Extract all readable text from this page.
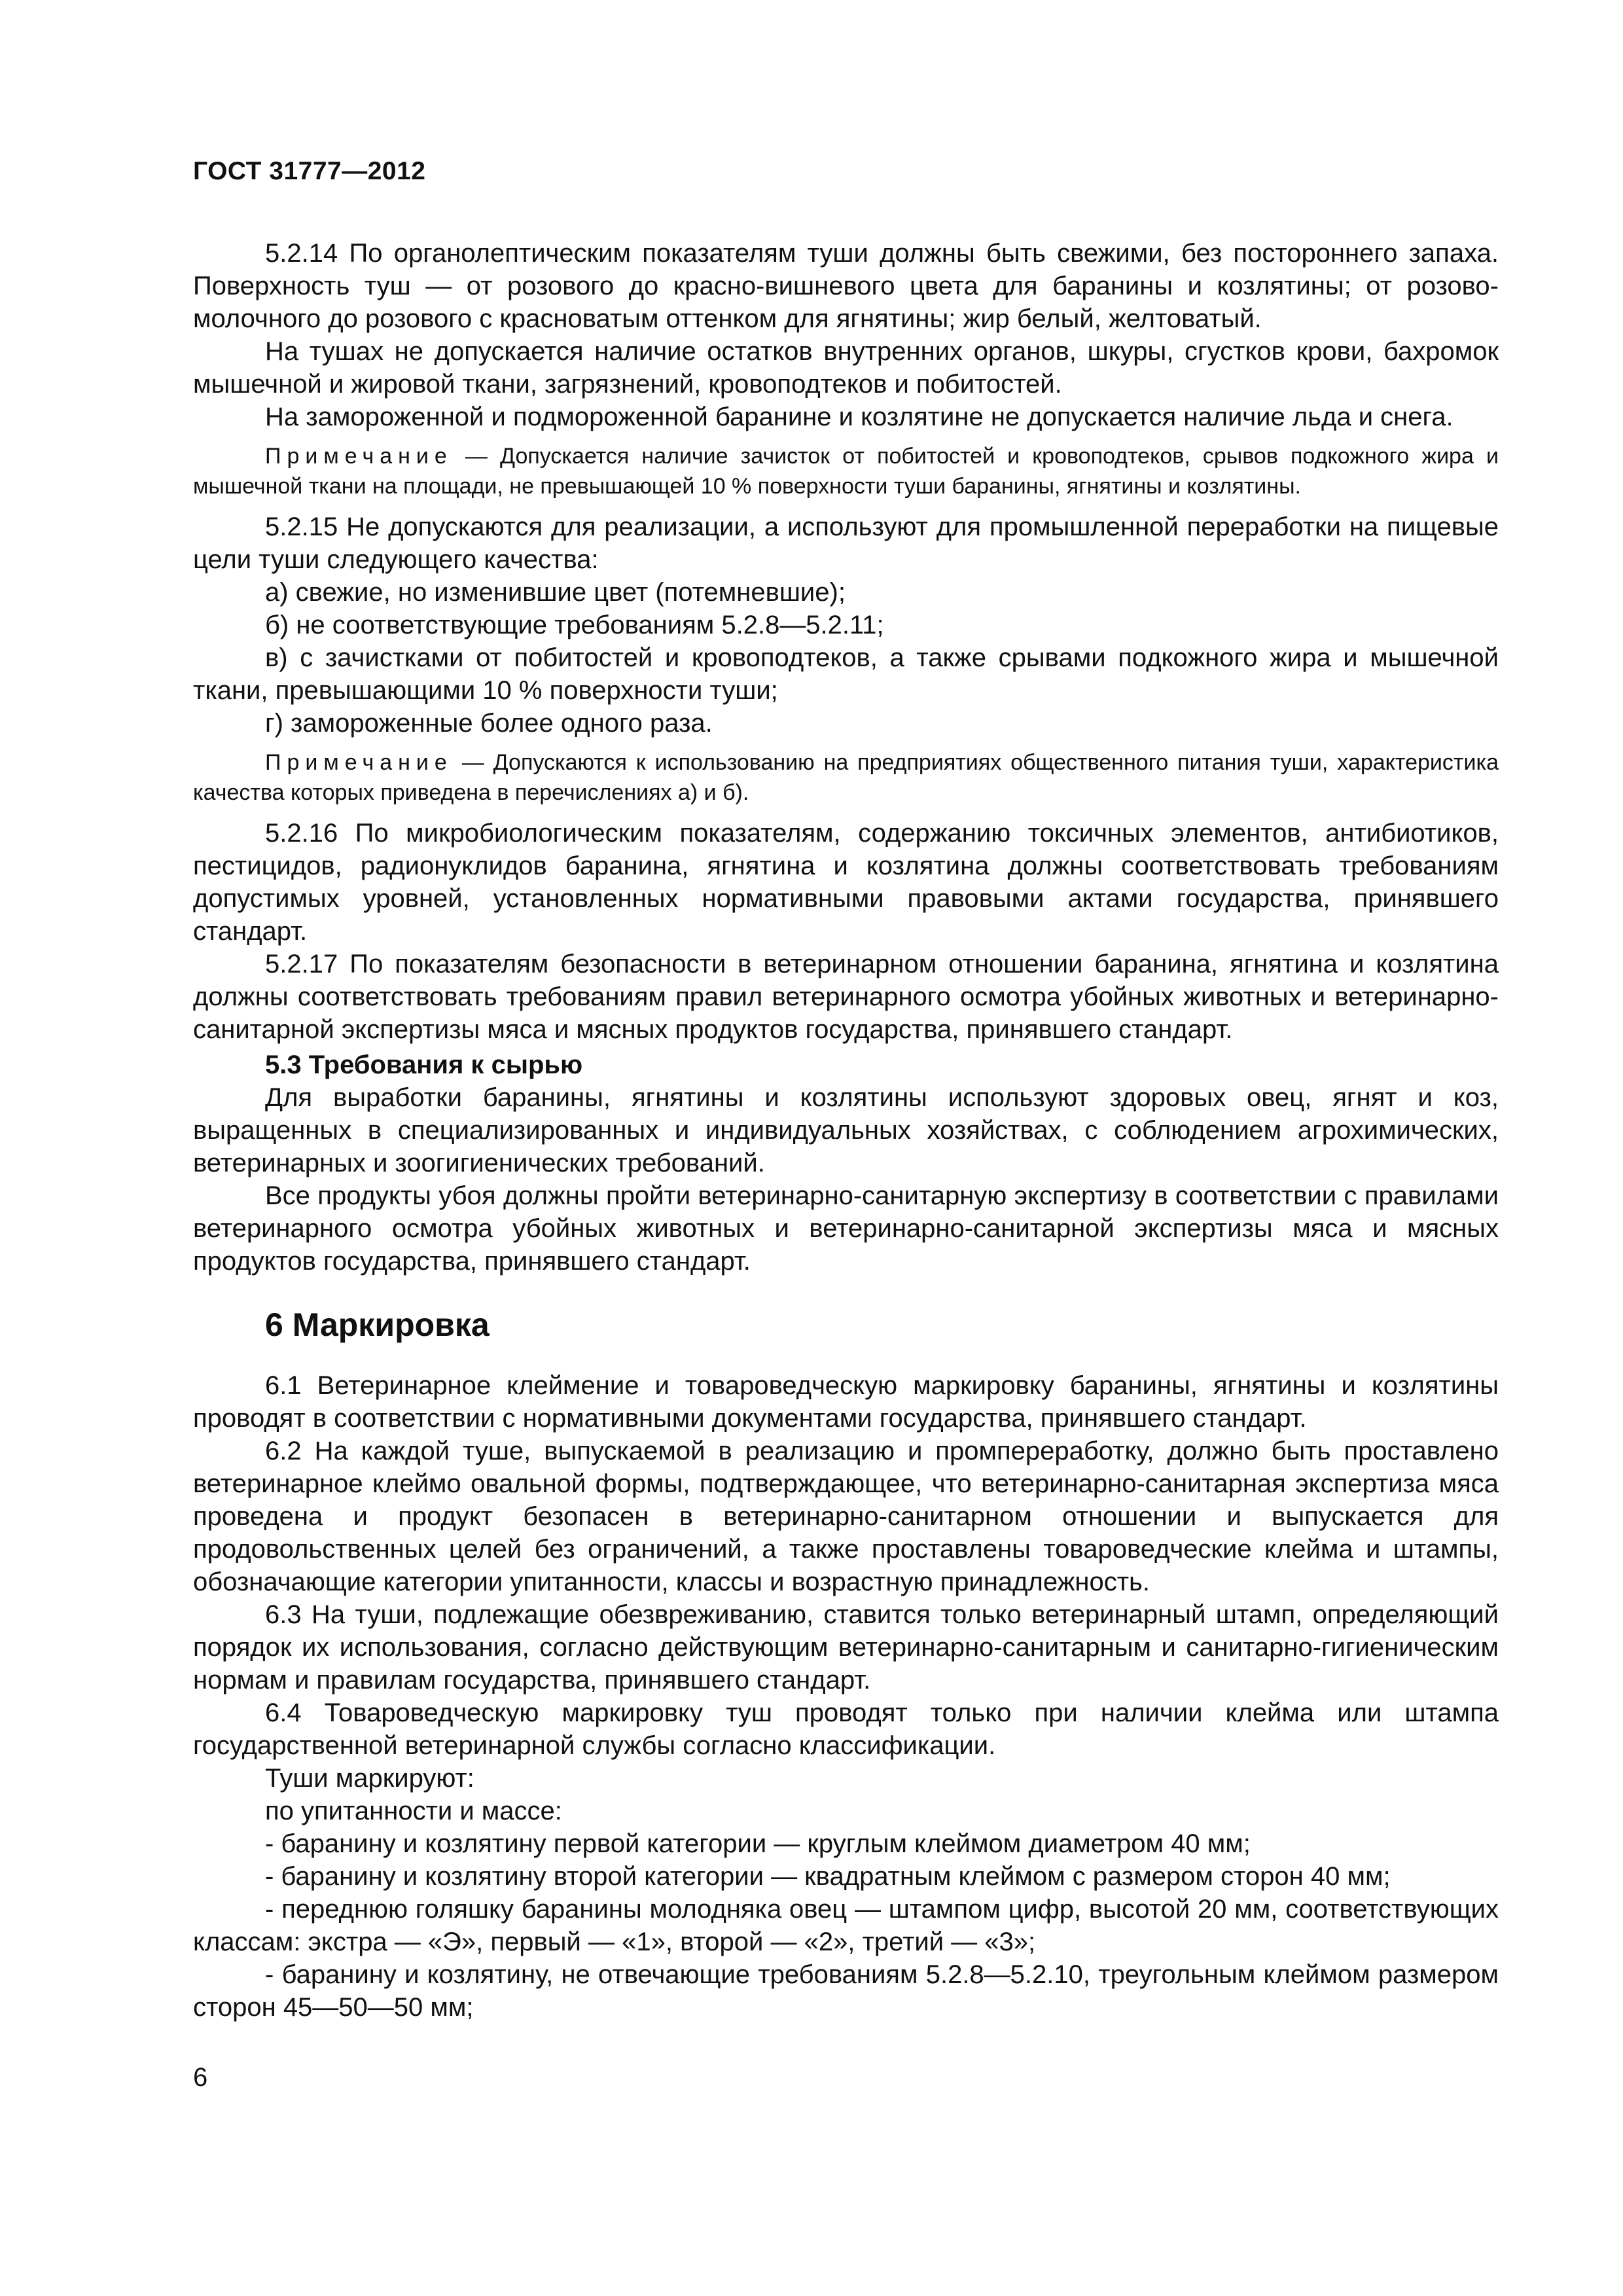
ГОСТ 31777—2012

5.2.14 По органолептическим показателям туши должны быть свежими, без постороннего запаха. Поверхность туш — от розового до красно-вишневого цвета для баранины и козлятины; от розово-молочного до розового с красноватым оттенком для ягнятины; жир белый, желтоватый.

На тушах не допускается наличие остатков внутренних органов, шкуры, сгустков крови, бахромок мышечной и жировой ткани, загрязнений, кровоподтеков и побитостей.

На замороженной и подмороженной баранине и козлятине не допускается наличие льда и снега.

Примечание — Допускается наличие зачисток от побитостей и кровоподтеков, срывов подкожного жира и мышечной ткани на площади, не превышающей 10 % поверхности туши баранины, ягнятины и козлятины.

5.2.15 Не допускаются для реализации, а используют для промышленной переработки на пищевые цели туши следующего качества:

а) свежие, но изменившие цвет (потемневшие);

б) не соответствующие требованиям 5.2.8—5.2.11;

в) с зачистками от побитостей и кровоподтеков, а также срывами подкожного жира и мышечной ткани, превышающими 10 % поверхности туши;

г) замороженные более одного раза.

Примечание — Допускаются к использованию на предприятиях общественного питания туши, характеристика качества которых приведена в перечислениях а) и б).

5.2.16 По микробиологическим показателям, содержанию токсичных элементов, антибиотиков, пестицидов, радионуклидов баранина, ягнятина и козлятина должны соответствовать требованиям допустимых уровней, установленных нормативными правовыми актами государства, принявшего стандарт.

5.2.17 По показателям безопасности в ветеринарном отношении баранина, ягнятина и козлятина должны соответствовать требованиям правил ветеринарного осмотра убойных животных и ветеринарно-санитарной экспертизы мяса и мясных продуктов государства, принявшего стандарт.

5.3 Требования к сырью

Для выработки баранины, ягнятины и козлятины используют здоровых овец, ягнят и коз, выращенных в специализированных и индивидуальных хозяйствах, с соблюдением агрохимических, ветеринарных и зоогигиенических требований.

Все продукты убоя должны пройти ветеринарно-санитарную экспертизу в соответствии с правилами ветеринарного осмотра убойных животных и ветеринарно-санитарной экспертизы мяса и мясных продуктов государства, принявшего стандарт.

6 Маркировка

6.1 Ветеринарное клеймение и товароведческую маркировку баранины, ягнятины и козлятины проводят в соответствии с нормативными документами государства, принявшего стандарт.

6.2 На каждой туше, выпускаемой в реализацию и промпереработку, должно быть проставлено ветеринарное клеймо овальной формы, подтверждающее, что ветеринарно-санитарная экспертиза мяса проведена и продукт безопасен в ветеринарно-санитарном отношении и выпускается для продовольственных целей без ограничений, а также проставлены товароведческие клейма и штампы, обозначающие категории упитанности, классы и возрастную принадлежность.

6.3 На туши, подлежащие обезвреживанию, ставится только ветеринарный штамп, определяющий порядок их использования, согласно действующим ветеринарно-санитарным и санитарно-гигиеническим нормам и правилам государства, принявшего стандарт.

6.4 Товароведческую маркировку туш проводят только при наличии клейма или штампа государственной ветеринарной службы согласно классификации.

Туши маркируют:

по упитанности и массе:

- баранину и козлятину первой категории — круглым клеймом диаметром 40 мм;

- баранину и козлятину второй категории — квадратным клеймом с размером сторон 40 мм;

- переднюю голяшку баранины молодняка овец — штампом цифр, высотой 20 мм, соответствующих классам: экстра — «Э», первый — «1», второй — «2», третий — «3»;

- баранину и козлятину, не отвечающие требованиям 5.2.8—5.2.10, треугольным клеймом размером сторон 45—50—50 мм;

6
